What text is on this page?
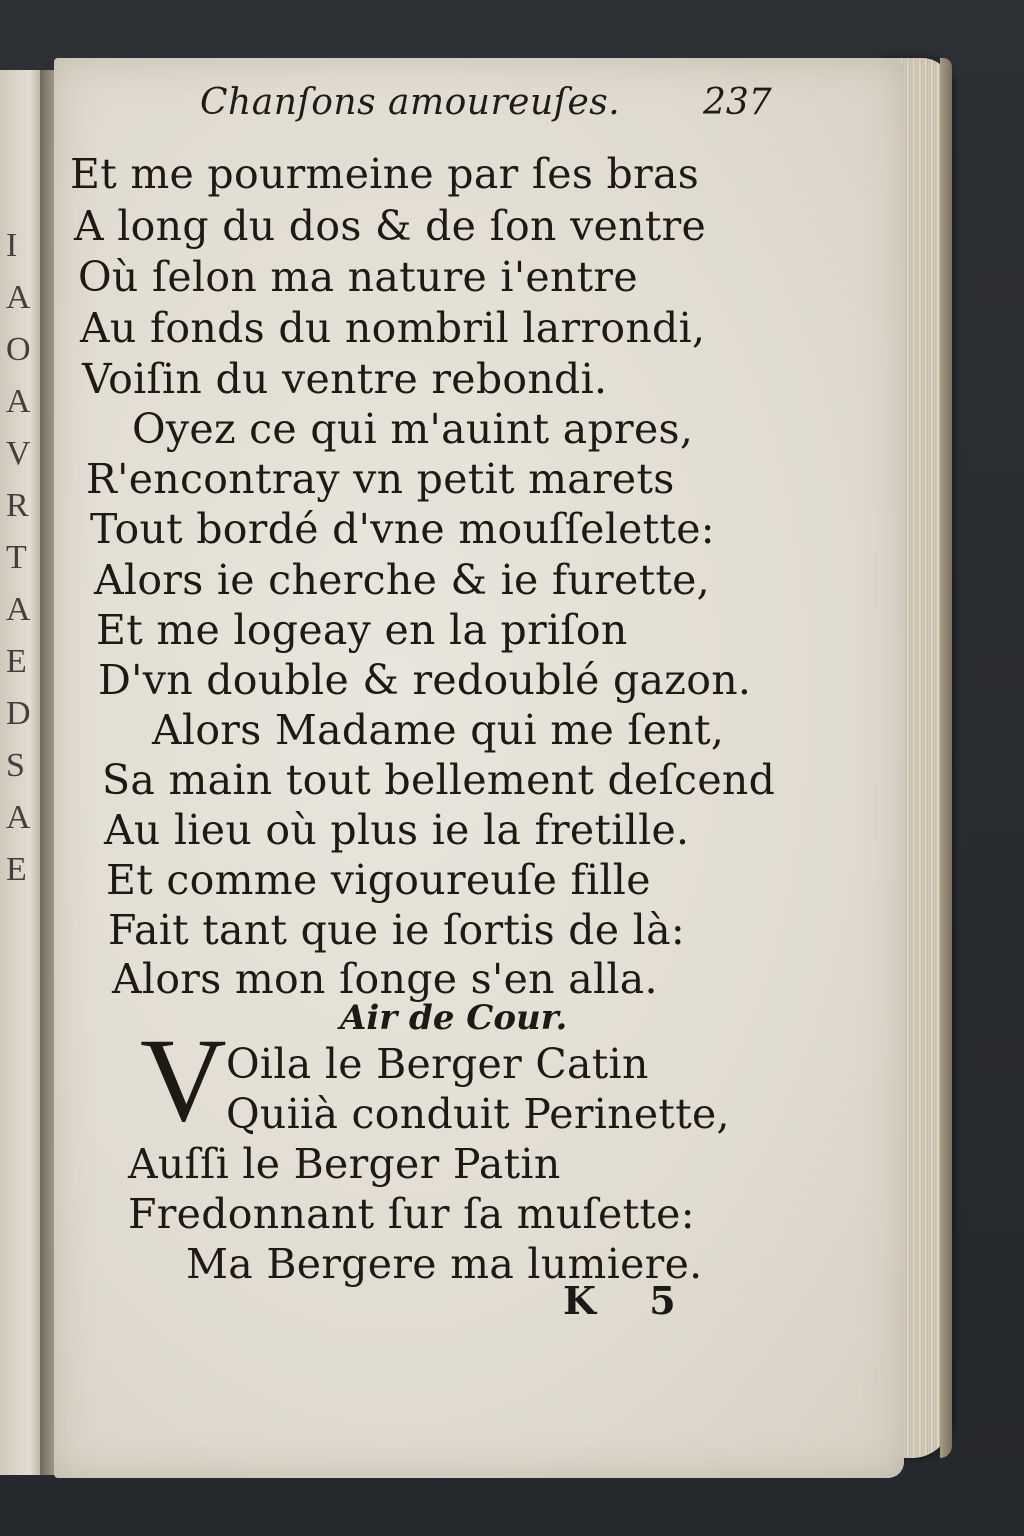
I
A
O
A
V
R
T
A
E
D
S
A
E
Chanſons amoureuſes. 237
Et me pourmeine par ſes bras
A long du dos & de ſon ventre
Où ſelon ma nature i'entre
Au fonds du nombril larrondi,
Voiſin du ventre rebondi.
Oyez ce qui m'auint apres,
R'encontray vn petit marets
Tout bordé d'vne mouſſelette:
Alors ie cherche & ie furette,
Et me logeay en la priſon
D'vn double & redoublé gazon.
Alors Madame qui me ſent,
Sa main tout bellement deſcend
Au lieu où plus ie la fretille.
Et comme vigoureuſe fille
Fait tant que ie ſortis de là:
Alors mon ſonge s'en alla.
Air de Cour.
V Oila le Berger Catin
Quiià conduit Perinette,
Auſſi le Berger Patin
Fredonnant ſur ſa muſette:
Ma Bergere ma lumiere.
K 5
